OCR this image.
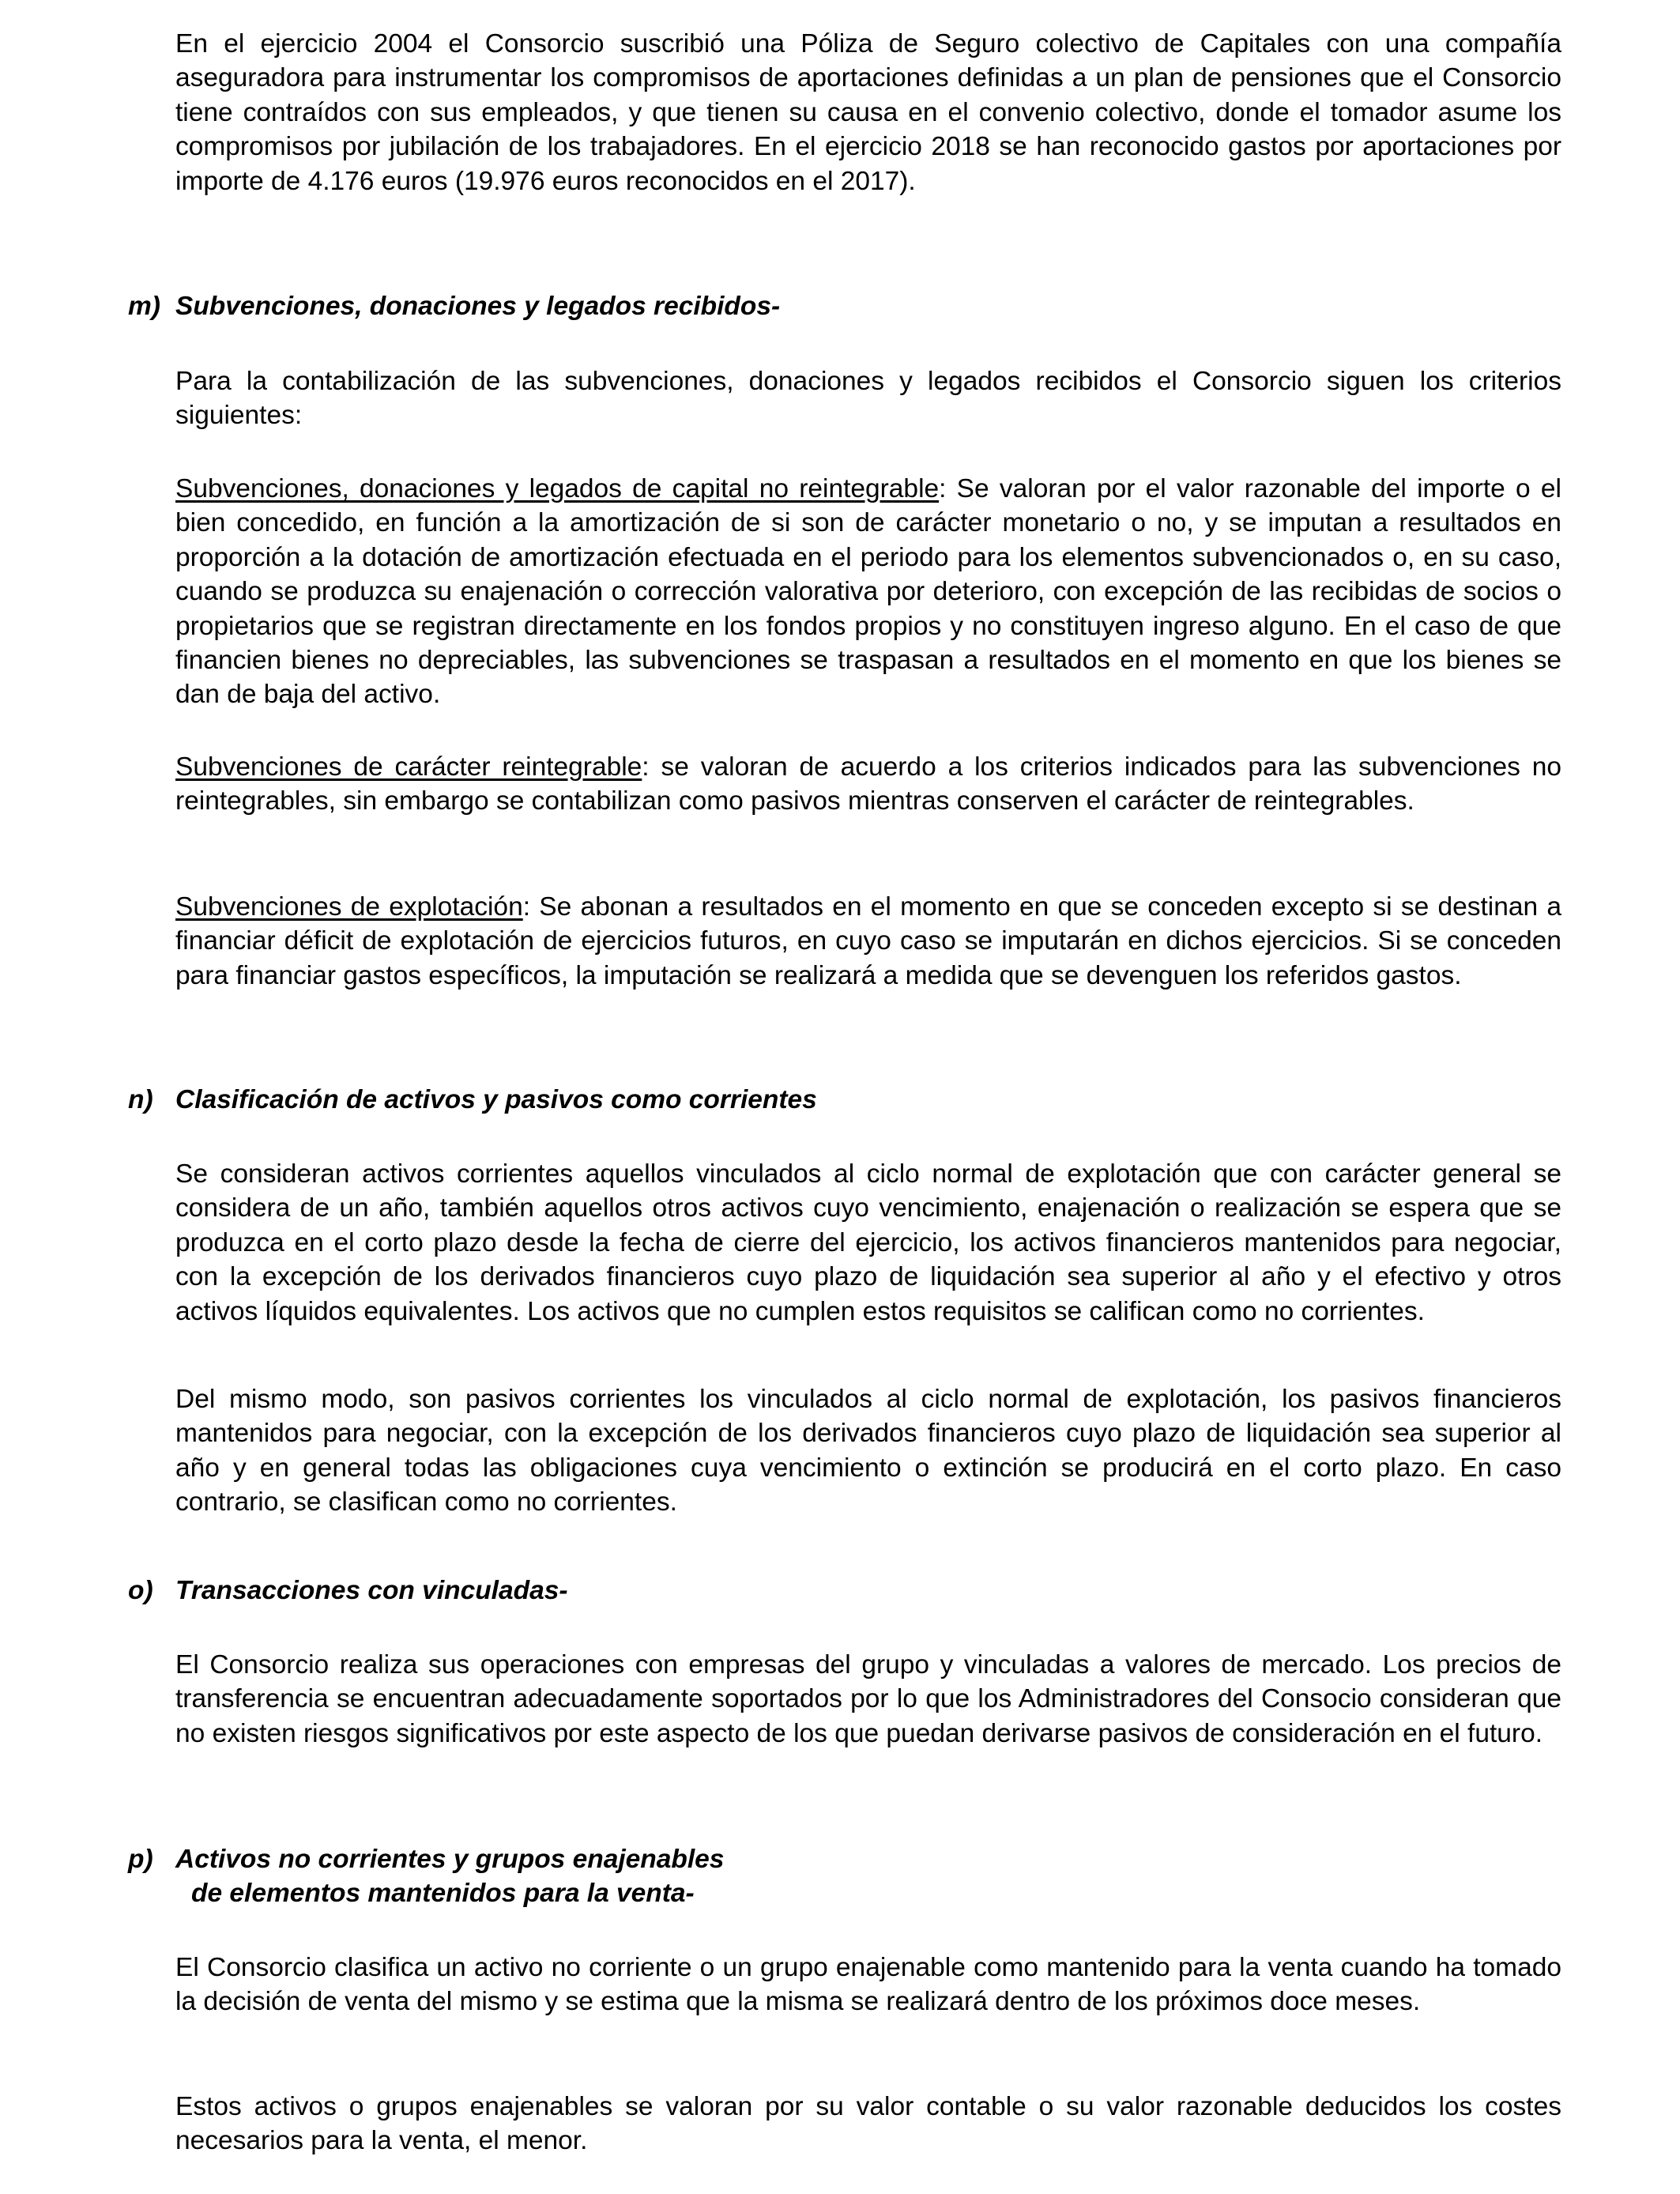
En el ejercicio 2004 el Consorcio suscribió una Póliza de Seguro colectivo de Capitales con una compañía aseguradora para instrumentar los compromisos de aportaciones definidas a un plan de pensiones que el Consorcio tiene contraídos con sus empleados, y que tienen su causa en el convenio colectivo, donde el tomador asume los compromisos por jubilación de los trabajadores. En el ejercicio 2018 se han reconocido gastos por aportaciones por importe de 4.176 euros (19.976 euros reconocidos en el 2017).

m) Subvenciones, donaciones y legados recibidos-

Para la contabilización de las subvenciones, donaciones y legados recibidos el Consorcio siguen los criterios siguientes:

Subvenciones, donaciones y legados de capital no reintegrable: Se valoran por el valor razonable del importe o el bien concedido, en función a la amortización de si son de carácter monetario o no, y se imputan a resultados en proporción a la dotación de amortización efectuada en el periodo para los elementos subvencionados o, en su caso, cuando se produzca su enajenación o corrección valorativa por deterioro, con excepción de las recibidas de socios o propietarios que se registran directamente en los fondos propios y no constituyen ingreso alguno. En el caso de que financien bienes no depreciables, las subvenciones se traspasan a resultados en el momento en que los bienes se dan de baja del activo.

Subvenciones de carácter reintegrable: se valoran de acuerdo a los criterios indicados para las subvenciones no reintegrables, sin embargo se contabilizan como pasivos mientras conserven el carácter de reintegrables.

Subvenciones de explotación: Se abonan a resultados en el momento en que se conceden excepto si se destinan a financiar déficit de explotación de ejercicios futuros, en cuyo caso se imputarán en dichos ejercicios. Si se conceden para financiar gastos específicos, la imputación se realizará a medida que se devenguen los referidos gastos.

n) Clasificación de activos y pasivos como corrientes

Se consideran activos corrientes aquellos vinculados al ciclo normal de explotación que con carácter general se considera de un año, también aquellos otros activos cuyo vencimiento, enajenación o realización se espera que se produzca en el corto plazo desde la fecha de cierre del ejercicio, los activos financieros mantenidos para negociar, con la excepción de los derivados financieros cuyo plazo de liquidación sea superior al año y el efectivo y otros activos líquidos equivalentes. Los activos que no cumplen estos requisitos se califican como no corrientes.

Del mismo modo, son pasivos corrientes los vinculados al ciclo normal de explotación, los pasivos financieros mantenidos para negociar, con la excepción de los derivados financieros cuyo plazo de liquidación sea superior al año y en general todas las obligaciones cuya vencimiento o extinción se producirá en el corto plazo. En caso contrario, se clasifican como no corrientes.

o) Transacciones con vinculadas-

El Consorcio realiza sus operaciones con empresas del grupo y vinculadas a valores de mercado. Los precios de transferencia se encuentran adecuadamente soportados por lo que los Administradores del Consocio consideran que no existen riesgos significativos por este aspecto de los que puedan derivarse pasivos de consideración en el futuro.

p) Activos no corrientes y grupos enajenables
de elementos mantenidos para la venta-

El Consorcio clasifica un activo no corriente o un grupo enajenable como mantenido para la venta cuando ha tomado la decisión de venta del mismo y se estima que la misma se realizará dentro de los próximos doce meses.

Estos activos o grupos enajenables se valoran por su valor contable o su valor razonable deducidos los costes necesarios para la venta, el menor.
